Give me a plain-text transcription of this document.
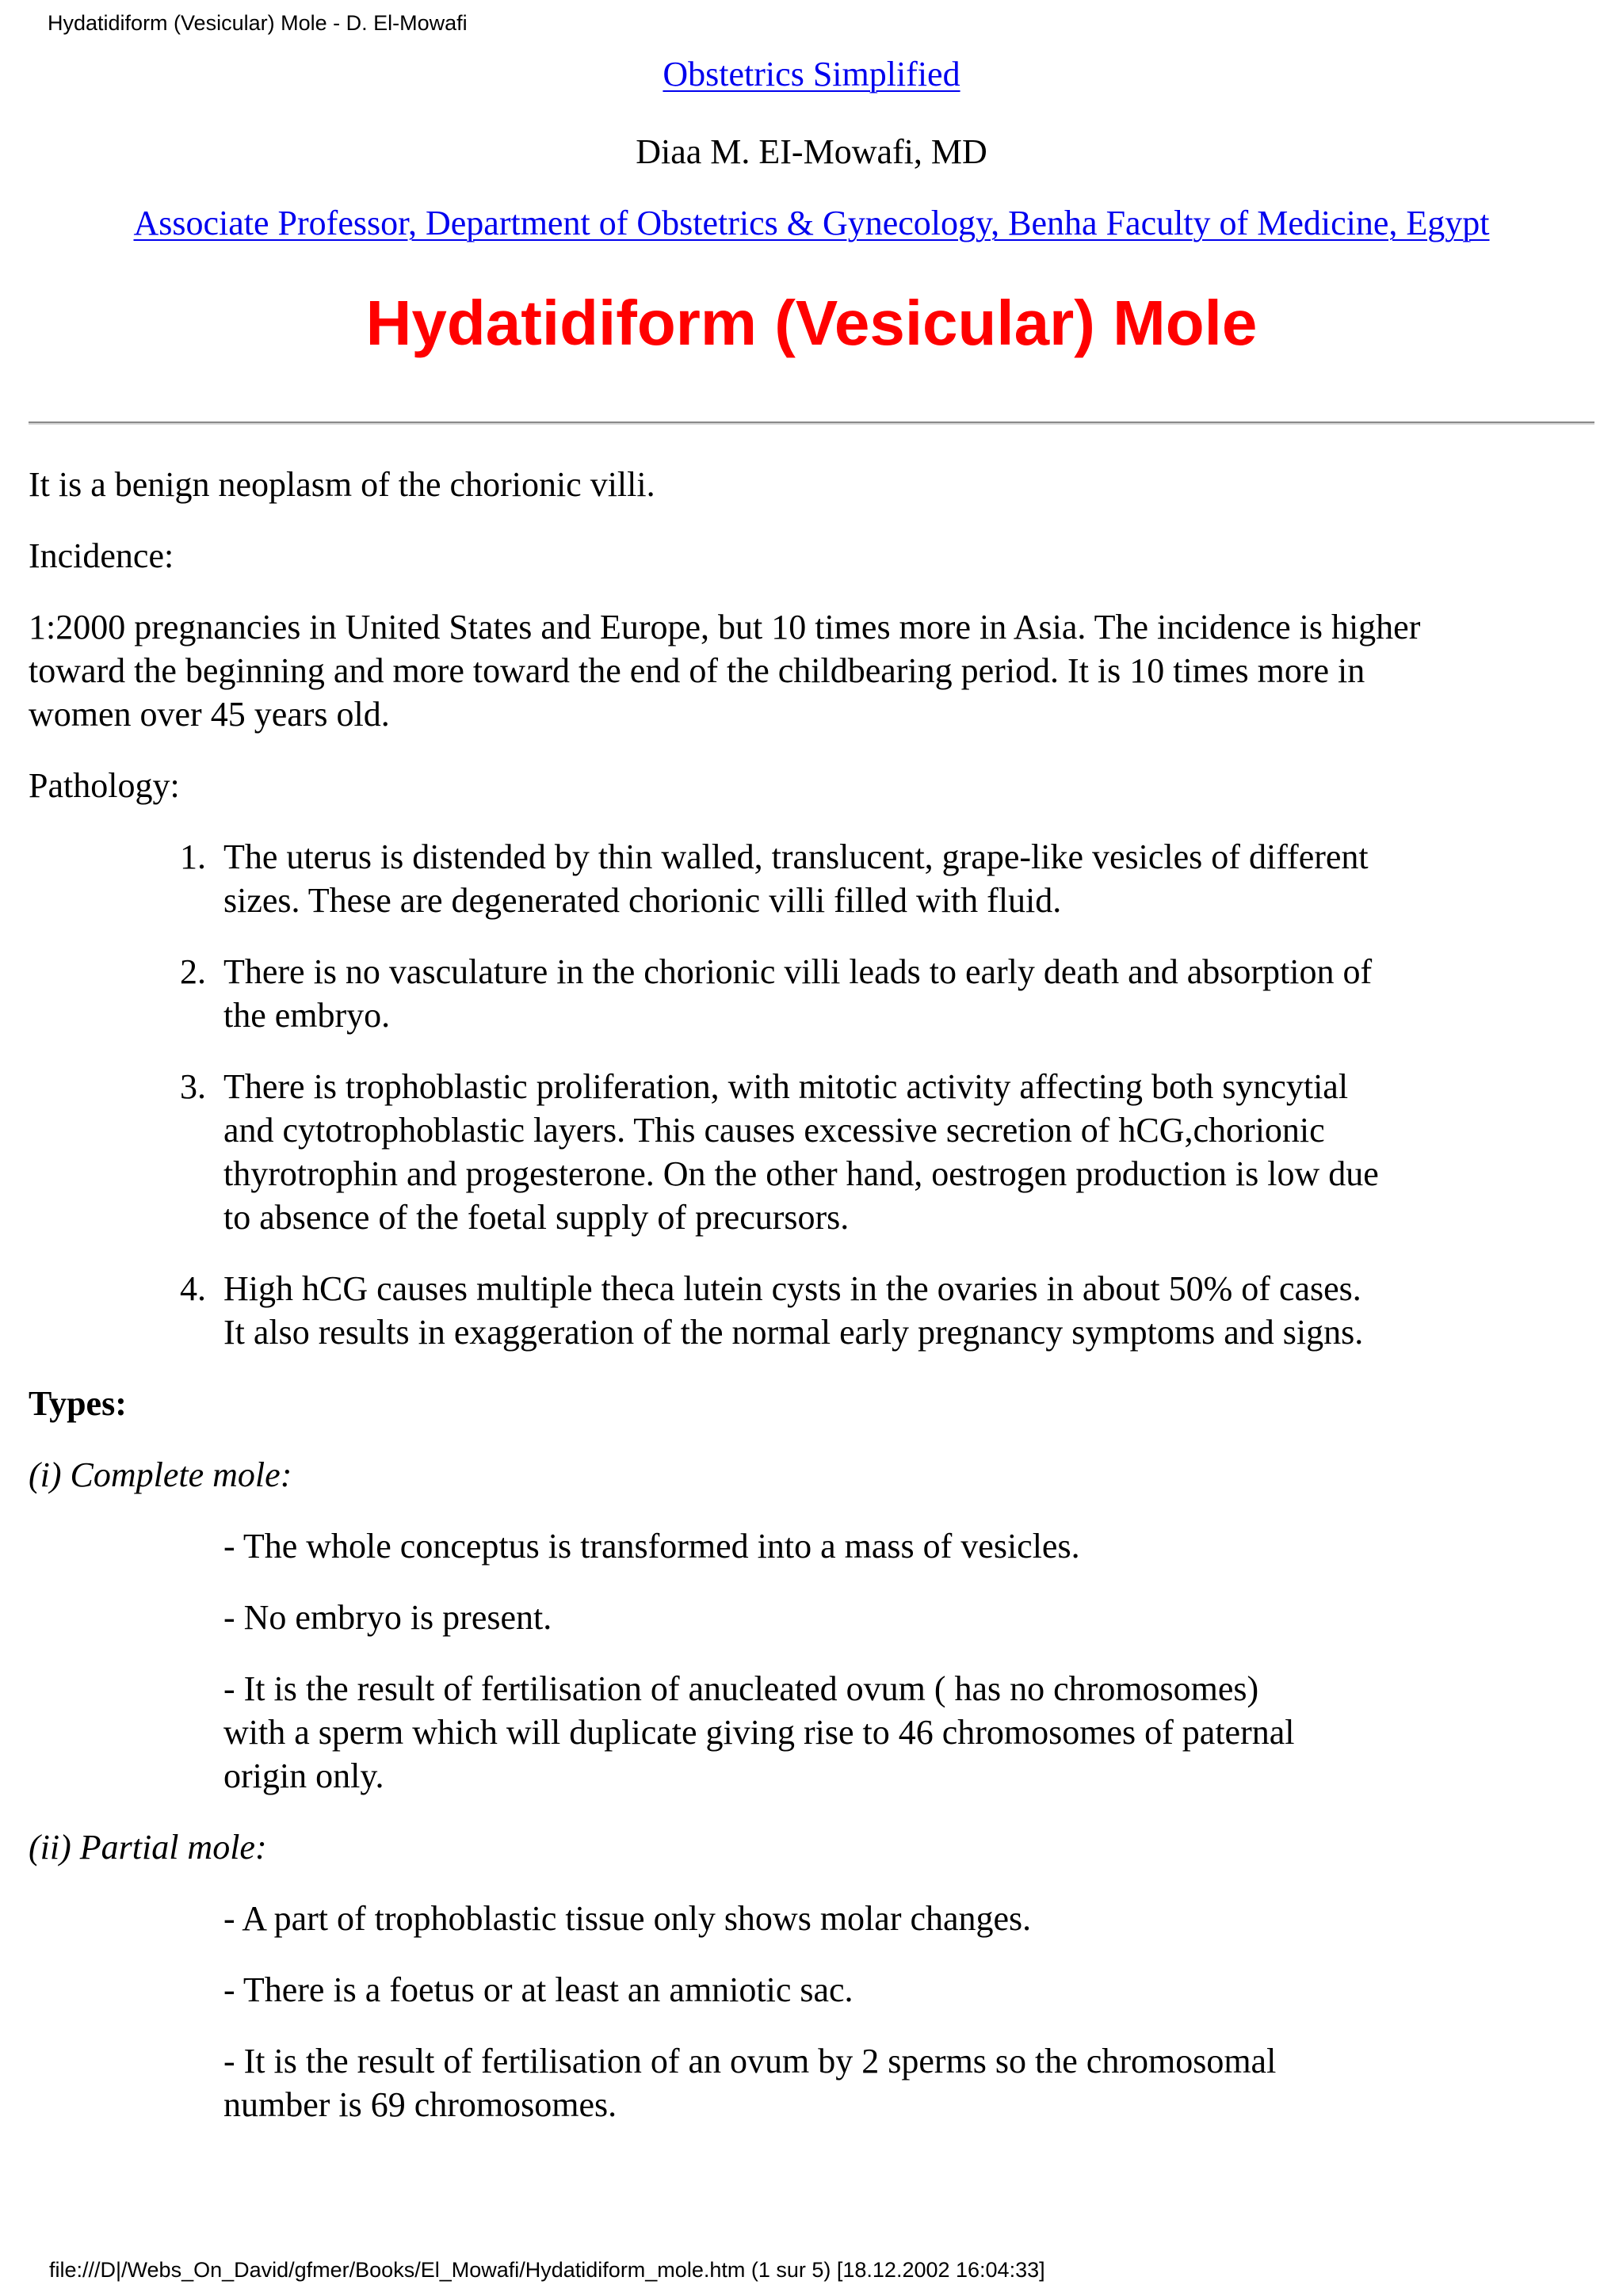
Hydatidiform (Vesicular) Mole - D. El-Mowafi
Obstetrics Simplified
Diaa M. EI-Mowafi, MD
Associate Professor, Department of Obstetrics & Gynecology, Benha Faculty of Medicine, Egypt
Hydatidiform (Vesicular) Mole
It is a benign neoplasm of the chorionic villi.
Incidence:
1:2000 pregnancies in United States and Europe, but 10 times more in Asia. The incidence is higher
toward the beginning and more toward the end of the childbearing period. It is 10 times more in
women over 45 years old.
Pathology:
1. The uterus is distended by thin walled, translucent, grape-like vesicles of different
sizes. These are degenerated chorionic villi filled with fluid.
2. There is no vasculature in the chorionic villi leads to early death and absorption of
the embryo.
3. There is trophoblastic proliferation, with mitotic activity affecting both syncytial
and cytotrophoblastic layers. This causes excessive secretion of hCG,chorionic
thyrotrophin and progesterone. On the other hand, oestrogen production is low due
to absence of the foetal supply of precursors.
4. High hCG causes multiple theca lutein cysts in the ovaries in about 50% of cases.
It also results in exaggeration of the normal early pregnancy symptoms and signs.
Types:
(i) Complete mole:
- The whole conceptus is transformed into a mass of vesicles.
- No embryo is present.
- It is the result of fertilisation of anucleated ovum ( has no chromosomes)
with a sperm which will duplicate giving rise to 46 chromosomes of paternal
origin only.
(ii) Partial mole:
- A part of trophoblastic tissue only shows molar changes.
- There is a foetus or at least an amniotic sac.
- It is the result of fertilisation of an ovum by 2 sperms so the chromosomal
number is 69 chromosomes.
file:///D|/Webs_On_David/gfmer/Books/El_Mowafi/Hydatidiform_mole.htm (1 sur 5) [18.12.2002 16:04:33]
